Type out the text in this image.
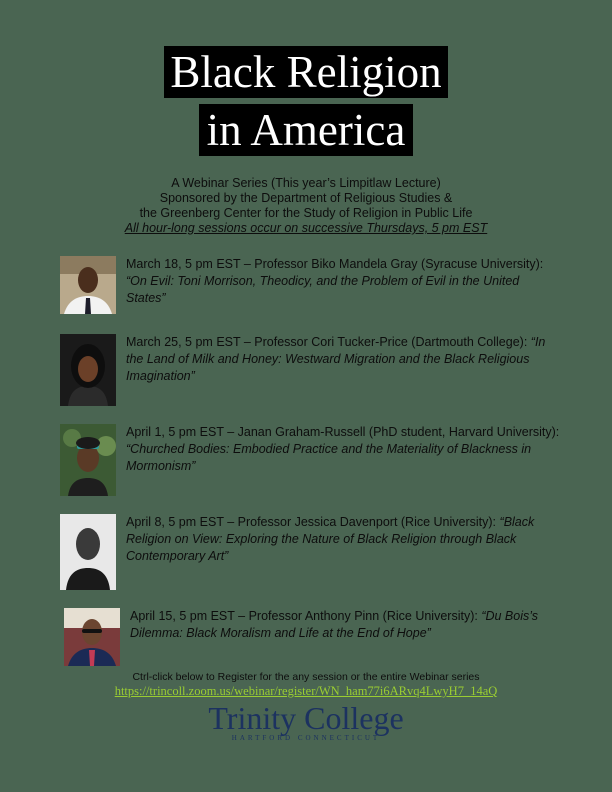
Black Religion
in America
A Webinar Series (This year’s Limpitlaw Lecture)
Sponsored by the Department of Religious Studies &
the Greenberg Center for the Study of Religion in Public Life
All hour-long sessions occur on successive Thursdays, 5 pm EST
March 18, 5 pm EST – Professor Biko Mandela Gray (Syracuse University): “On Evil: Toni Morrison, Theodicy, and the Problem of Evil in the United States”
March 25, 5 pm EST – Professor Cori Tucker-Price (Dartmouth College): “In the Land of Milk and Honey: Westward Migration and the Black Religious Imagination”
April 1, 5 pm EST – Janan Graham-Russell (PhD student, Harvard University): “Churched Bodies: Embodied Practice and the Materiality of Blackness in Mormonism”
April 8, 5 pm EST – Professor Jessica Davenport (Rice University): “Black Religion on View: Exploring the Nature of Black Religion through Black Contemporary Art”
April 15, 5 pm EST – Professor Anthony Pinn (Rice University): “Du Bois’s Dilemma: Black Moralism and Life at the End of Hope”
Ctrl-click below to Register for the any session or the entire Webinar series
https://trincoll.zoom.us/webinar/register/WN_ham77i6ARvq4LwyH7_14aQ
Trinity College
HARTFORD CONNECTICUT
